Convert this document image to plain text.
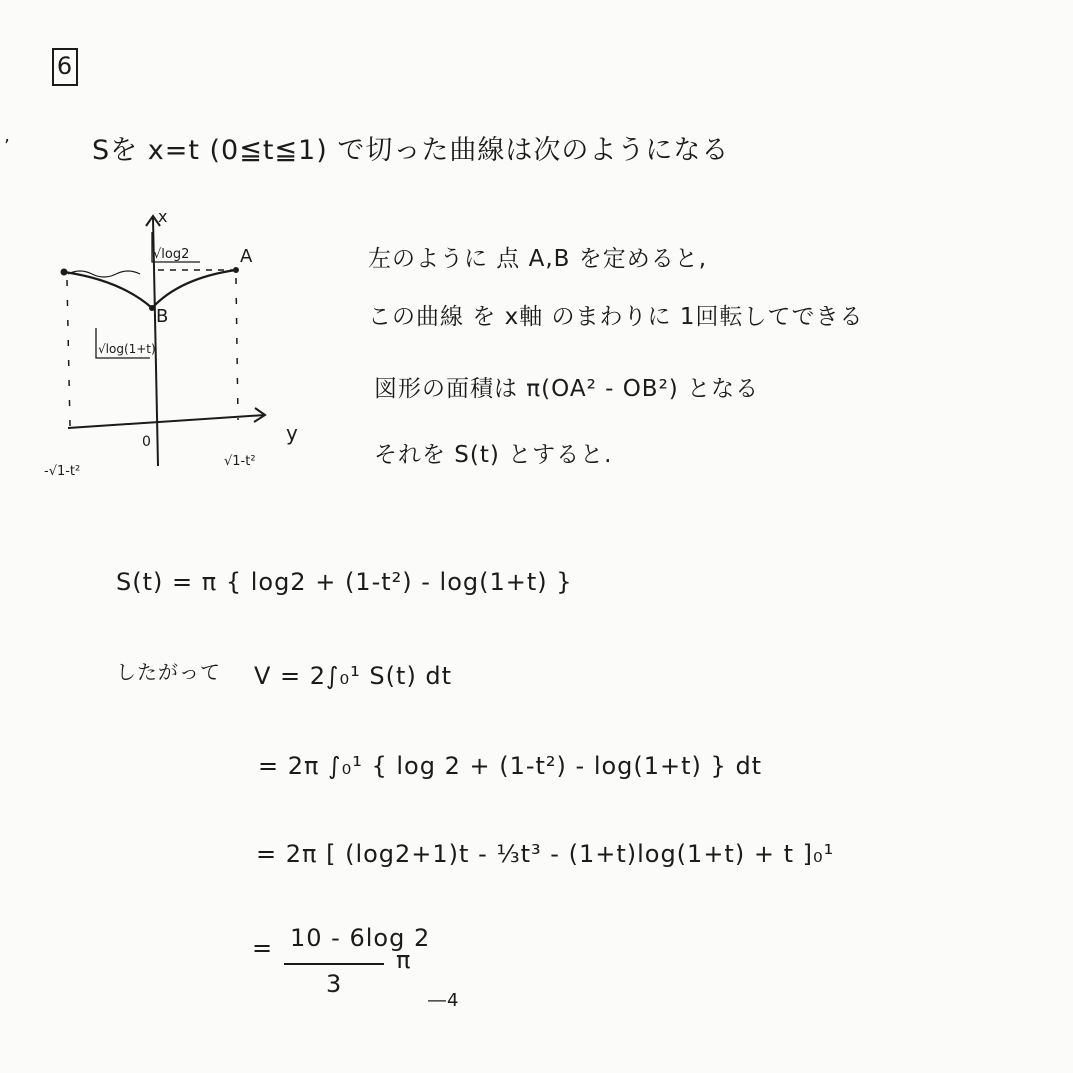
’
6
Sを x=t (0≦t≦1) で切った曲線は次のようになる
x
y
A
B
0
√log2
√log(1+t)
-√1-t²
√1-t²
左のように 点 A,B を定めると,
この曲線 を x軸 のまわりに 1回転してできる
図形の面積は π(OA² - OB²) となる
それを S(t) とすると.
S(t) = π { log2 + (1-t²) - log(1+t) }
したがって V = 2∫₀¹ S(t) dt
= 2π ∫₀¹ { log 2 + (1-t²) - log(1+t) } dt
= 2π [ (log2+1)t - ⅓t³ - (1+t)log(1+t) + t ]₀¹
= 10 - 6log 2
3
π
―4
